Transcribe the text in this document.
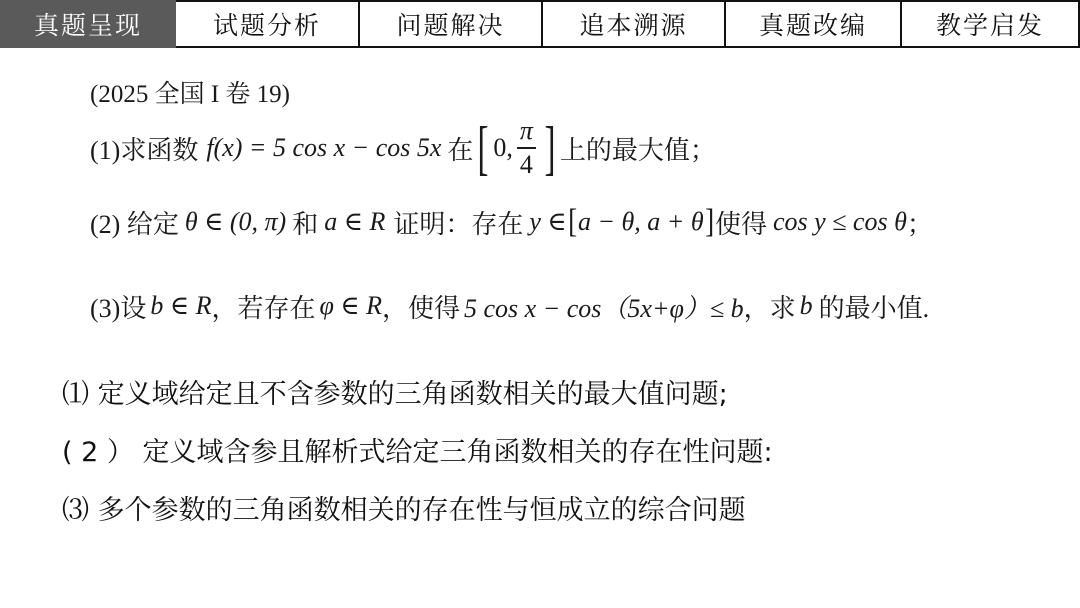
真题呈现	试题分析	问题解决	追本溯源	真题改编	教学启发
(2025 全国 I 卷 19)
(1)求函数 f(x) = 5 cos x − cos 5x 在 [ 0, $\frac{\pi}{4}$ ] 上的最大值；
(2) 给定 θ ∈ (0, π) 和 a ∈ R 证明：存在 y ∈ [ a − θ, a + θ ] 使得 cos y ≤ cos θ ；
(3)设 b ∈ R ，若存在 φ ∈ R ，使得 5 cos x − cos（5x+φ）≤ b ，求 b 的最小值.
⑴ 定义域给定且不含参数的三角函数相关的最大值问题;
( 2 ） 定义域含参且解析式给定三角函数相关的存在性问题:
⑶ 多个参数的三角函数相关的存在性与恒成立的综合问题
